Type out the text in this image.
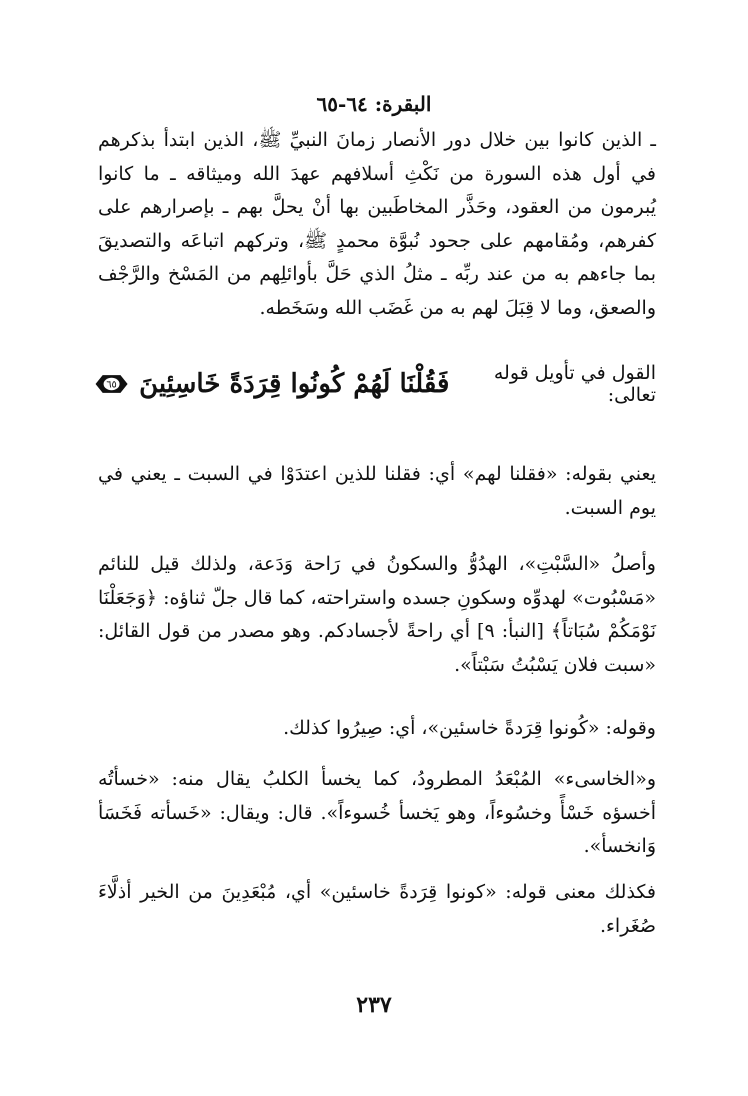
البقرة: ٦٤-٦٥

ـ الذين كانوا بين خلال دور الأنصار زمانَ النبيِّ ﷺ، الذين ابتدأ بذكرهم في أول هذه السورة من نَكْثِ أسلافهم عهدَ الله وميثاقه ـ ما كانوا يُبرمون من العقود، وحَذَّر المخاطَبين بها أنْ يحلَّ بهم ـ بإصرارهم على كفرهم، ومُقامهم على جحود نُبوَّة محمدٍ ﷺ، وتركهم اتباعَه والتصديقَ بما جاءهم به من عند ربِّه ـ مثلُ الذي حَلَّ بأوائلِهم من المَسْخ والرَّجْف والصعق، وما لا قِبَلَ لهم به من غَضَب الله وسَخَطه.

القول في تأويل قوله تعالى:
فَقُلْنَا لَهُمْ كُونُوا قِرَدَةً خَاسِئِينَ
٦٥

يعني بقوله: «فقلنا لهم» أي: فقلنا للذين اعتدَوْا في السبت ـ يعني في يوم السبت.

وأصلُ «السَّبْتِ»، الهدُوُّ والسكونُ في رَاحة وَدَعة، ولذلك قيل للنائم «مَسْبُوت» لهدوِّه وسكونِ جسده واستراحته، كما قال جلّ ثناؤه: ﴿وَجَعَلْنَا نَوْمَكُمْ سُبَاتاً﴾ [النبأ: ٩] أي راحةً لأجسادكم. وهو مصدر من قول القائل: «سبت فلان يَسْبُتُ سَبْتاً».

وقوله: «كُونوا قِرَدةً خاسئين»، أي: صِيرُوا كذلك.

و«الخاسىء» المُبْعَدُ المطرودُ، كما يخسأ الكلبُ يقال منه: «خسأتُه أخسؤه خَسْأً وخسُوءاً، وهو يَخسأ خُسوءاً». قال: ويقال: «خَسأته فَخَسَأ وَانخسأ».

فكذلك معنى قوله: «كونوا قِرَدةً خاسئين» أي، مُبْعَدِينَ من الخير أذلَّاءَ صُغَراء.

٢٣٧
